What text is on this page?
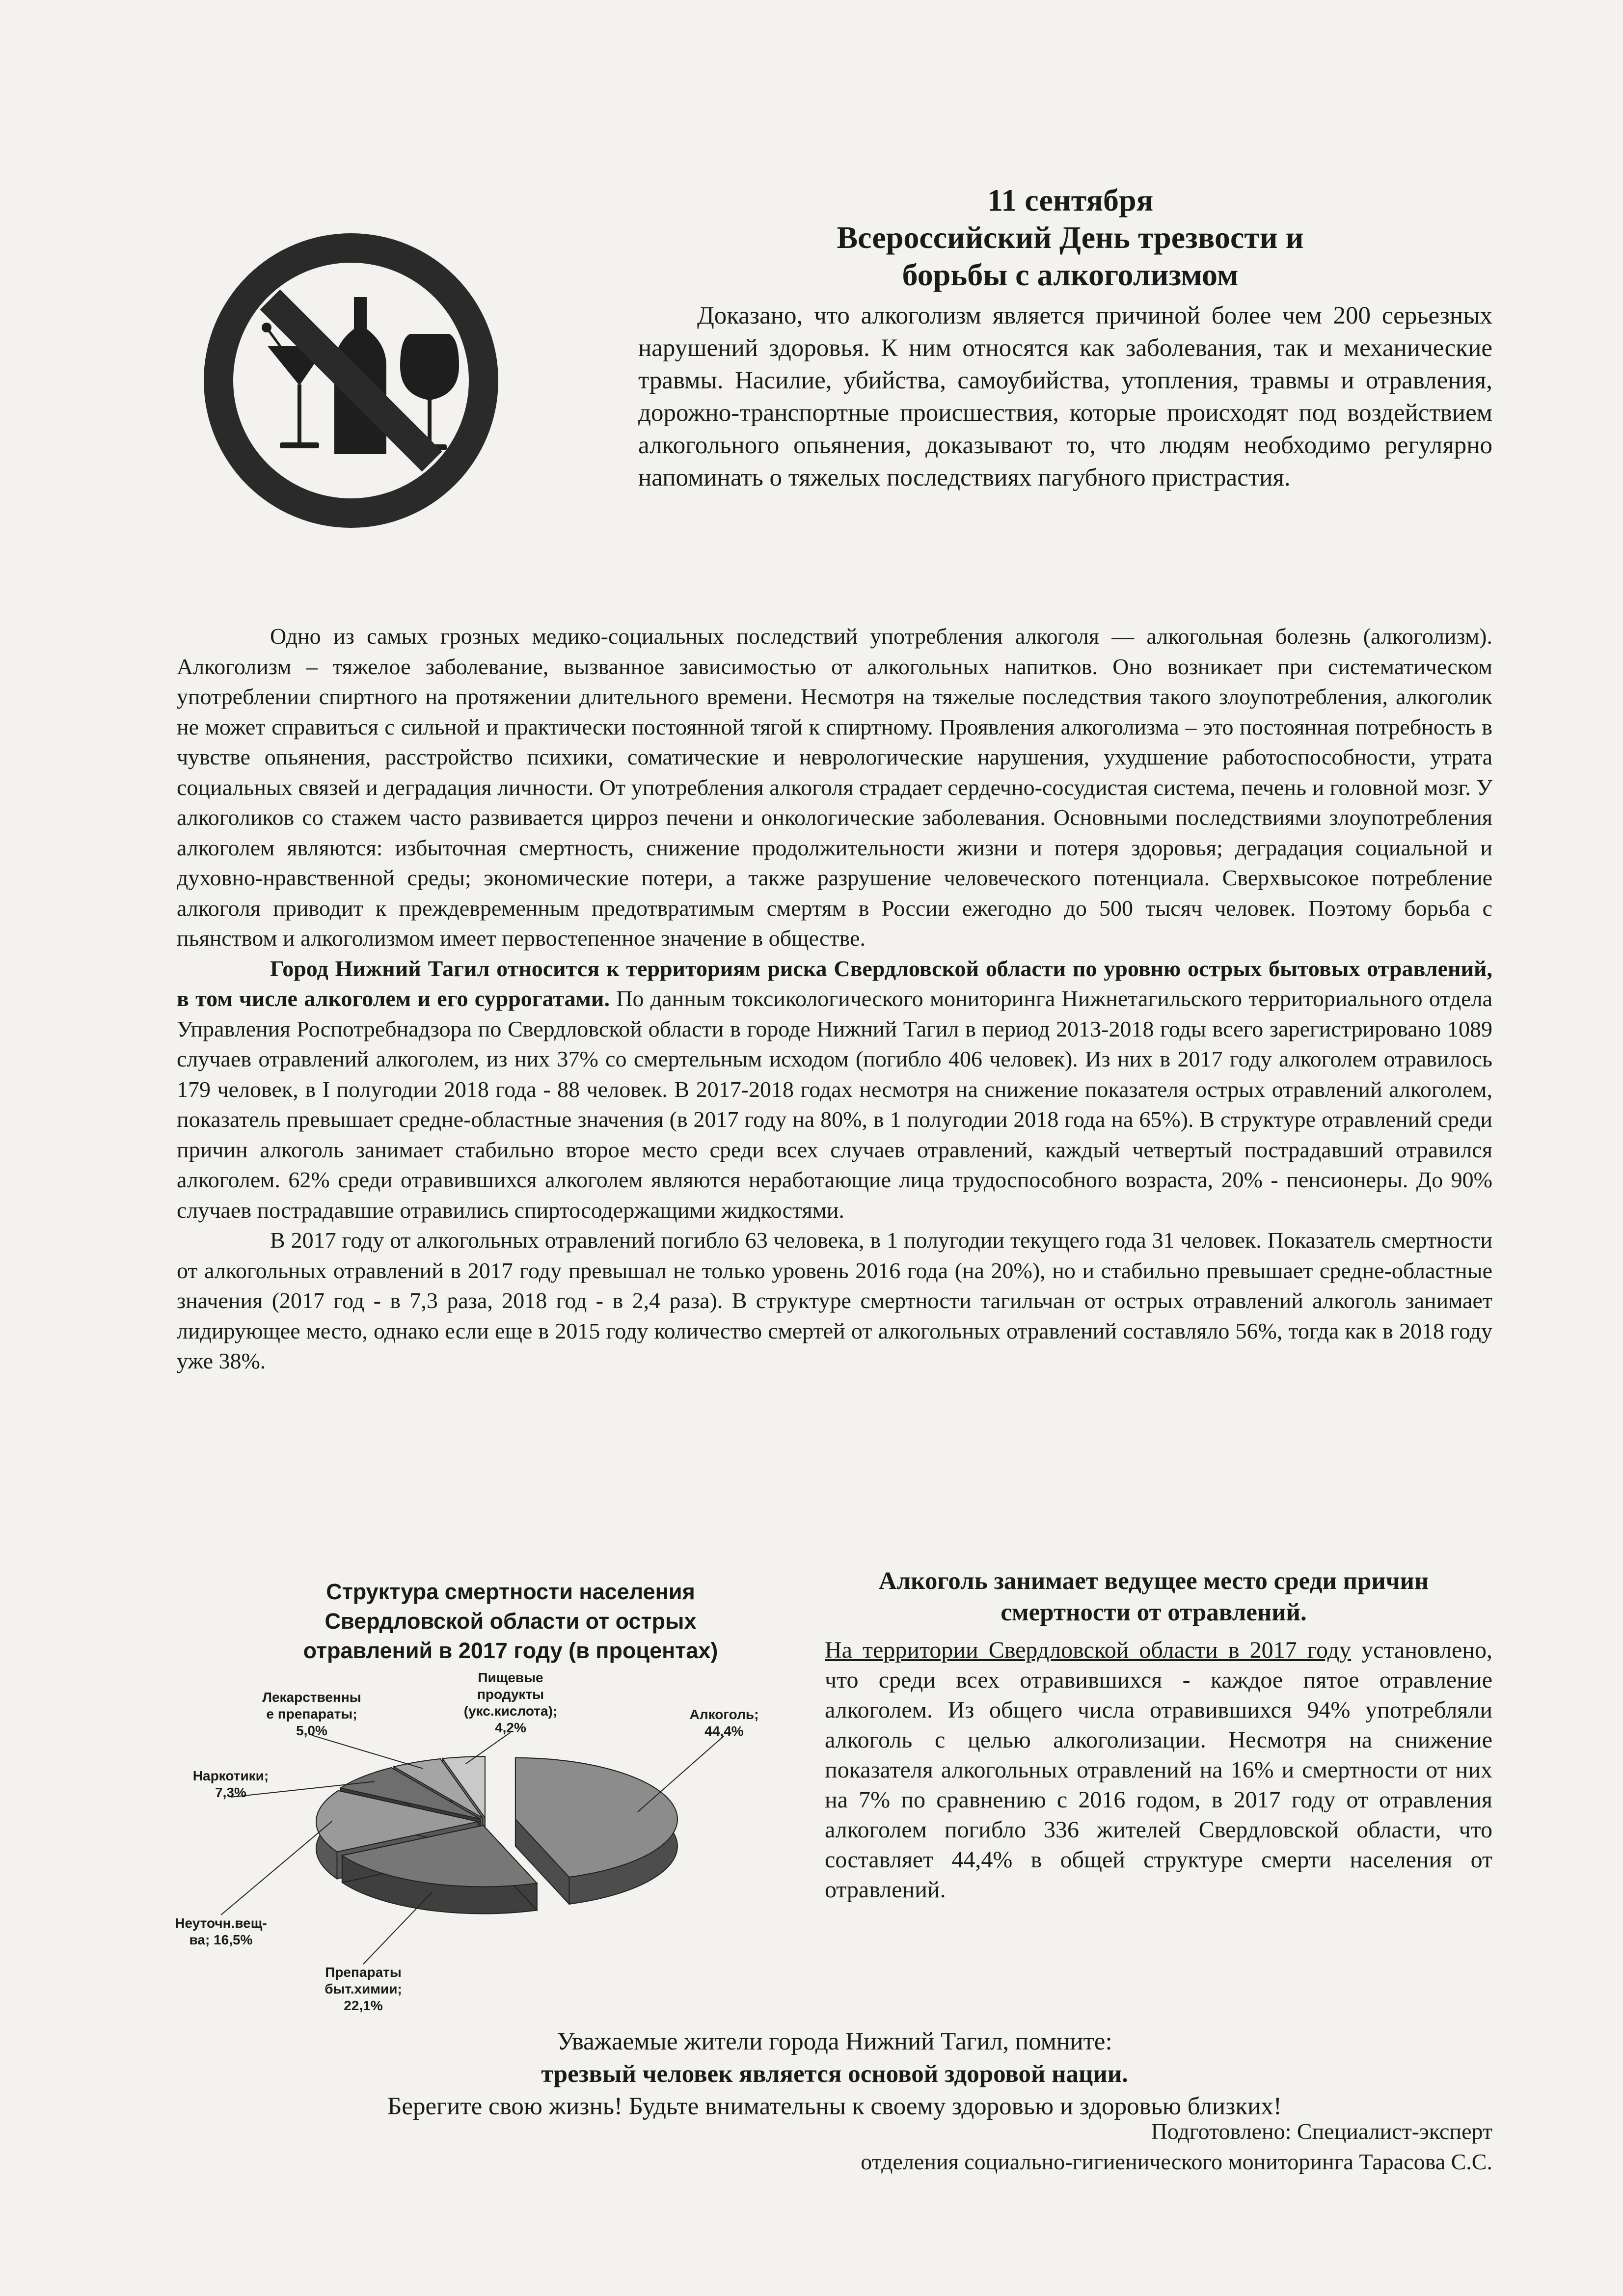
11 сентября
Всероссийский День трезвости и
борьбы с алкоголизмом

Доказано, что алкоголизм является причиной более чем 200 серьезных нарушений здоровья. К ним относятся как заболевания, так и механические травмы. Насилие, убийства, самоубийства, утопления, травмы и отравления, дорожно-транспортные происшествия, которые происходят под воздействием алкогольного опьянения, доказывают то, что людям необходимо регулярно напоминать о тяжелых последствиях пагубного пристрастия.

Одно из самых грозных медико-социальных последствий употребления алкоголя — алкогольная болезнь (алкоголизм). Алкоголизм – тяжелое заболевание, вызванное зависимостью от алкогольных напитков. Оно возникает при систематическом употреблении спиртного на протяжении длительного времени. Несмотря на тяжелые последствия такого злоупотребления, алкоголик не может справиться с сильной и практически постоянной тягой к спиртному. Проявления алкоголизма – это постоянная потребность в чувстве опьянения, расстройство психики, соматические и неврологические нарушения, ухудшение работоспособности, утрата социальных связей и деградация личности. От употребления алкоголя страдает сердечно-сосудистая система, печень и головной мозг. У алкоголиков со стажем часто развивается цирроз печени и онкологические заболевания. Основными последствиями злоупотребления алкоголем являются: избыточная смертность, снижение продолжительности жизни и потеря здоровья; деградация социальной и духовно-нравственной среды; экономические потери, а также разрушение человеческого потенциала. Сверхвысокое потребление алкоголя приводит к преждевременным предотвратимым смертям в России ежегодно до 500 тысяч человек. Поэтому борьба с пьянством и алкоголизмом имеет первостепенное значение в обществе.

Город Нижний Тагил относится к территориям риска Свердловской области по уровню острых бытовых отравлений, в том числе алкоголем и его суррогатами. По данным токсикологического мониторинга Нижнетагильского территориального отдела Управления Роспотребнадзора по Свердловской области в городе Нижний Тагил в период 2013-2018 годы всего зарегистрировано 1089 случаев отравлений алкоголем, из них 37% со смертельным исходом (погибло 406 человек). Из них в 2017 году алкоголем отравилось 179 человек, в I полугодии 2018 года - 88 человек. В 2017-2018 годах несмотря на снижение показателя острых отравлений алкоголем, показатель превышает средне-областные значения (в 2017 году на 80%, в 1 полугодии 2018 года на 65%). В структуре отравлений среди причин алкоголь занимает стабильно второе место среди всех случаев отравлений, каждый четвертый пострадавший отравился алкоголем. 62% среди отравившихся алкоголем являются неработающие лица трудоспособного возраста, 20% - пенсионеры. До 90% случаев пострадавшие отравились спиртосодержащими жидкостями.

В 2017 году от алкогольных отравлений погибло 63 человека, в 1 полугодии текущего года 31 человек. Показатель смертности от алкогольных отравлений в 2017 году превышал не только уровень 2016 года (на 20%), но и стабильно превышает средне-областные значения (2017 год - в 7,3 раза, 2018 год - в 2,4 раза). В структуре смертности тагильчан от острых отравлений алкоголь занимает лидирующее место, однако если еще в 2015 году количество смертей от алкогольных отравлений составляло 56%, тогда как в 2018 году уже 38%.

Структура смертности населения
Свердловской области от острых
отравлений в 2017 году (в процентах)
Алкоголь; 44,4%
Препараты быт.химии; 22,1%
Неуточн.вещ-ва; 16,5%
Наркотики; 7,3%
Лекарственны е препараты; 5,0%
Пищевые продукты (укс.кислота); 4,2%
Алкоголь занимает ведущее место среди причин смертности от отравлений.

На территории Свердловской области в 2017 году установлено, что среди всех отравившихся - каждое пятое отравление алкоголем. Из общего числа отравившихся 94% употребляли алкоголь с целью алкоголизации. Несмотря на снижение показателя алкогольных отравлений на 16% и смертности от них на 7% по сравнению с 2016 годом, в 2017 году от отравления алкоголем погибло 336 жителей Свердловской области, что составляет 44,4% в общей структуре смерти населения от отравлений.

Уважаемые жители города Нижний Тагил, помните:
трезвый человек является основой здоровой нации.
Берегите свою жизнь! Будьте внимательны к своему здоровью и здоровью близких!
Подготовлено: Специалист-эксперт
отделения социально-гигиенического мониторинга Тарасова С.С.
